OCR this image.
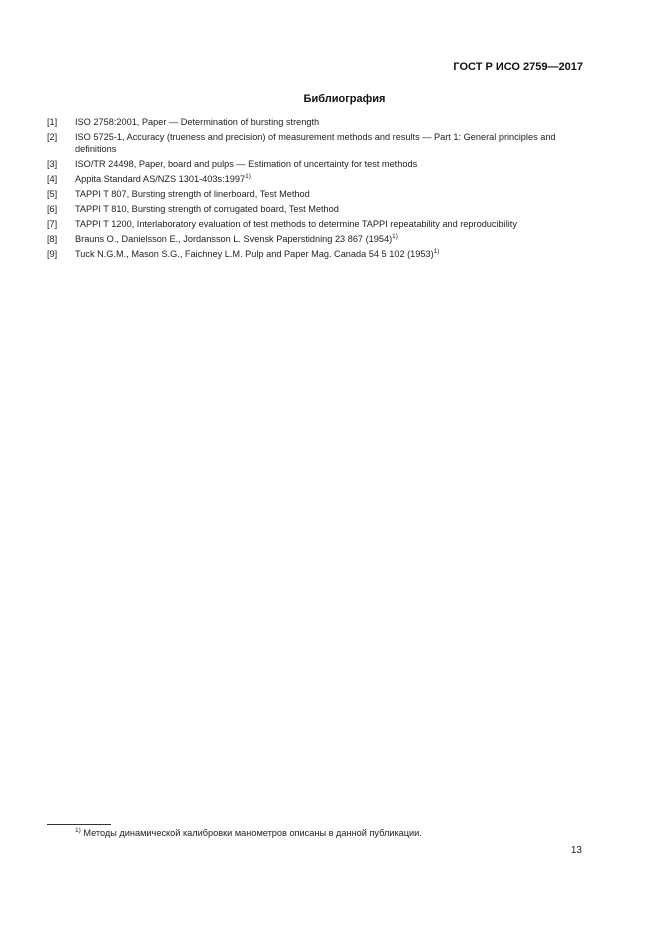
ГОСТ Р ИСО 2759—2017
Библиография
[1]	ISO 2758:2001, Paper — Determination of bursting strength
[2]	ISO 5725-1, Accuracy (trueness and precision) of measurement methods and results — Part 1: General principles and definitions
[3]	ISO/TR 24498, Paper, board and pulps — Estimation of uncertainty for test methods
[4]	Appita Standard AS/NZS 1301-403s:1997$^{1)}$
[5]	TAPPI T 807, Bursting strength of linerboard, Test Method
[6]	TAPPI T 810, Bursting strength of corrugated board, Test Method
[7]	TAPPI T 1200, Interlaboratory evaluation of test methods to determine TAPPI repeatability and reproducibility
[8]	Brauns O., Danielsson E., Jordansson L. Svensk Paperstidning 23 867 $(1954)^{1)}$
[9]	Tuck N.G.M., Mason S.G., Faichney L.M. Pulp and Paper Mag. Canada 54 5 102 $(1953)^{1)}$
$^{1)}$ Методы динамической калибровки манометров описаны в данной публикации.
13
